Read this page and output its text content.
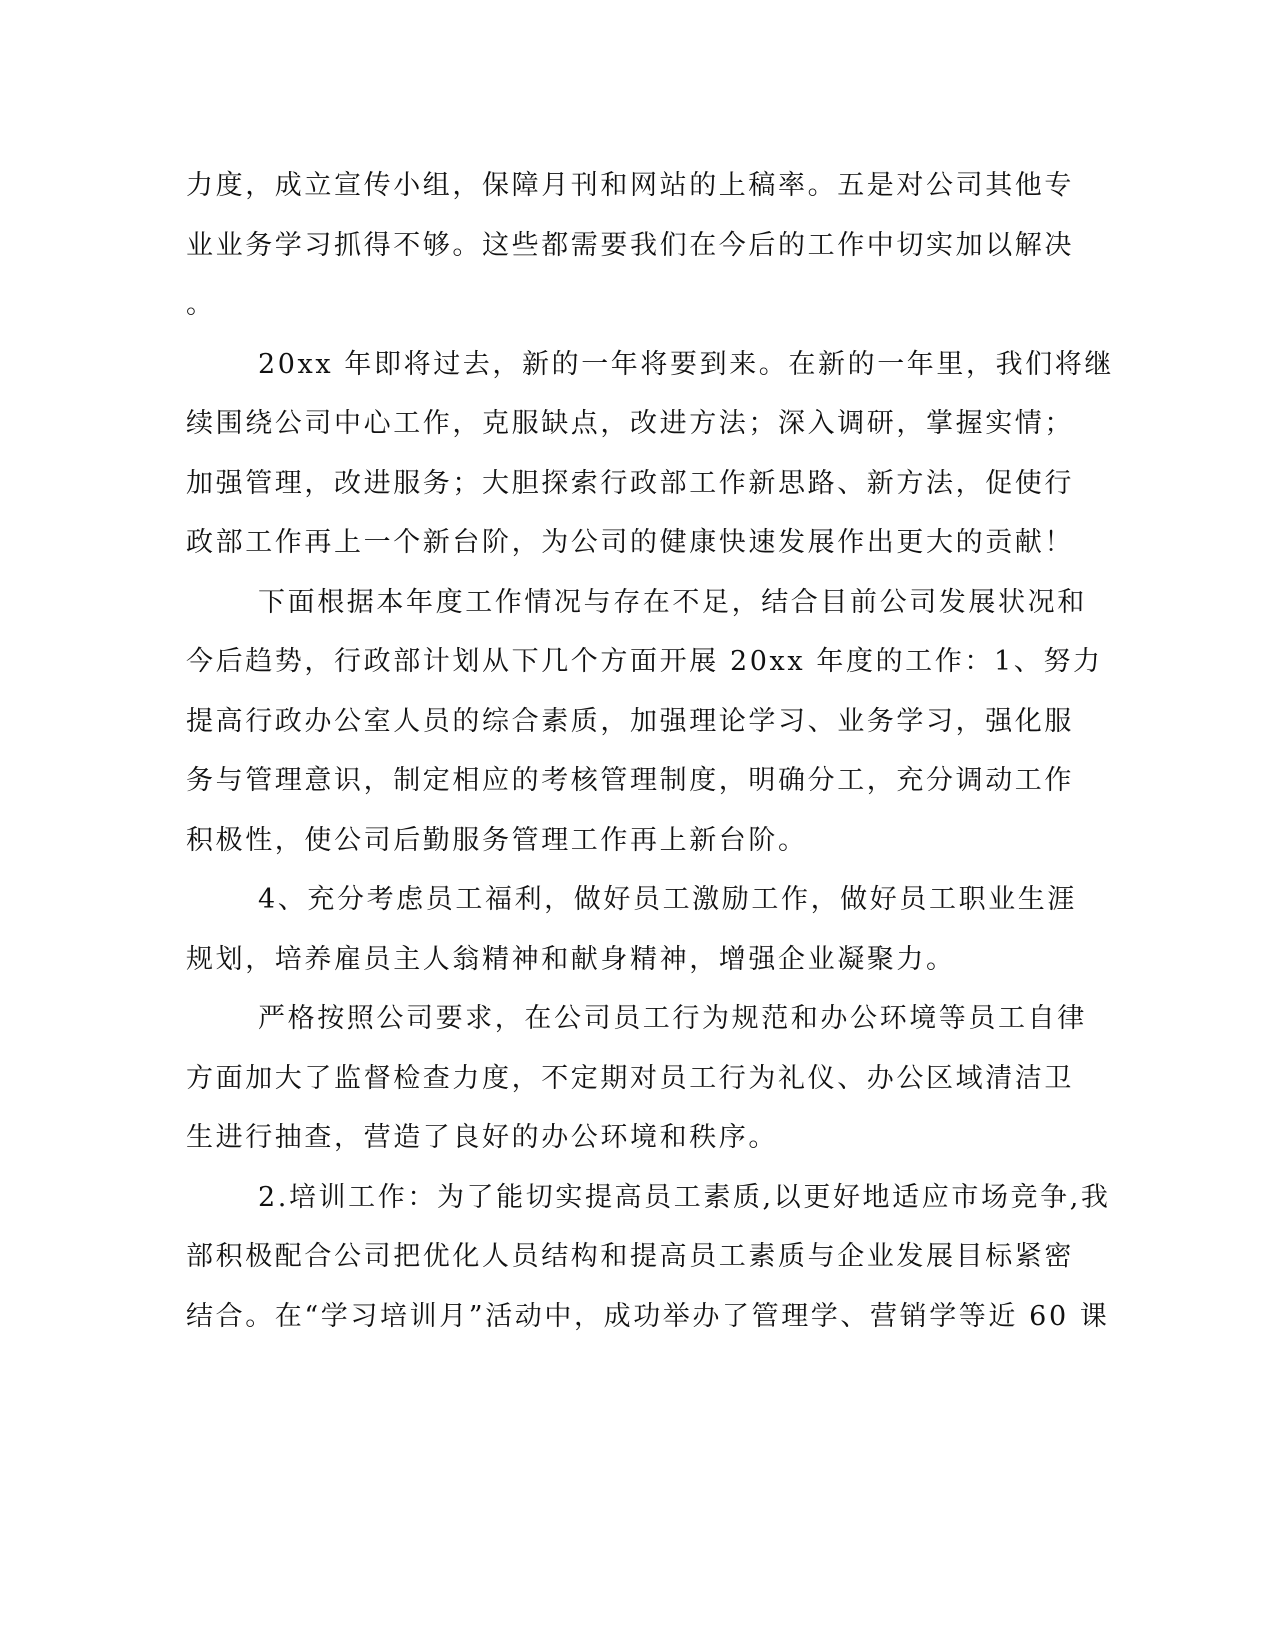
力度，成立宣传小组，保障月刊和网站的上稿率。五是对公司其他专
业业务学习抓得不够。这些都需要我们在今后的工作中切实加以解决
。
20xx 年即将过去，新的一年将要到来。在新的一年里，我们将继
续围绕公司中心工作，克服缺点，改进方法；深入调研，掌握实情；
加强管理，改进服务；大胆探索行政部工作新思路、新方法，促使行
政部工作再上一个新台阶，为公司的健康快速发展作出更大的贡献！
下面根据本年度工作情况与存在不足，结合目前公司发展状况和
今后趋势，行政部计划从下几个方面开展 20xx 年度的工作：1、努力
提高行政办公室人员的综合素质，加强理论学习、业务学习，强化服
务与管理意识，制定相应的考核管理制度，明确分工，充分调动工作
积极性，使公司后勤服务管理工作再上新台阶。
4、充分考虑员工福利，做好员工激励工作，做好员工职业生涯
规划，培养雇员主人翁精神和献身精神，增强企业凝聚力。
严格按照公司要求，在公司员工行为规范和办公环境等员工自律
方面加大了监督检查力度，不定期对员工行为礼仪、办公区域清洁卫
生进行抽查，营造了良好的办公环境和秩序。
2.培训工作：为了能切实提高员工素质,以更好地适应市场竞争,我
部积极配合公司把优化人员结构和提高员工素质与企业发展目标紧密
结合。在“学习培训月”活动中，成功举办了管理学、营销学等近 60 课
